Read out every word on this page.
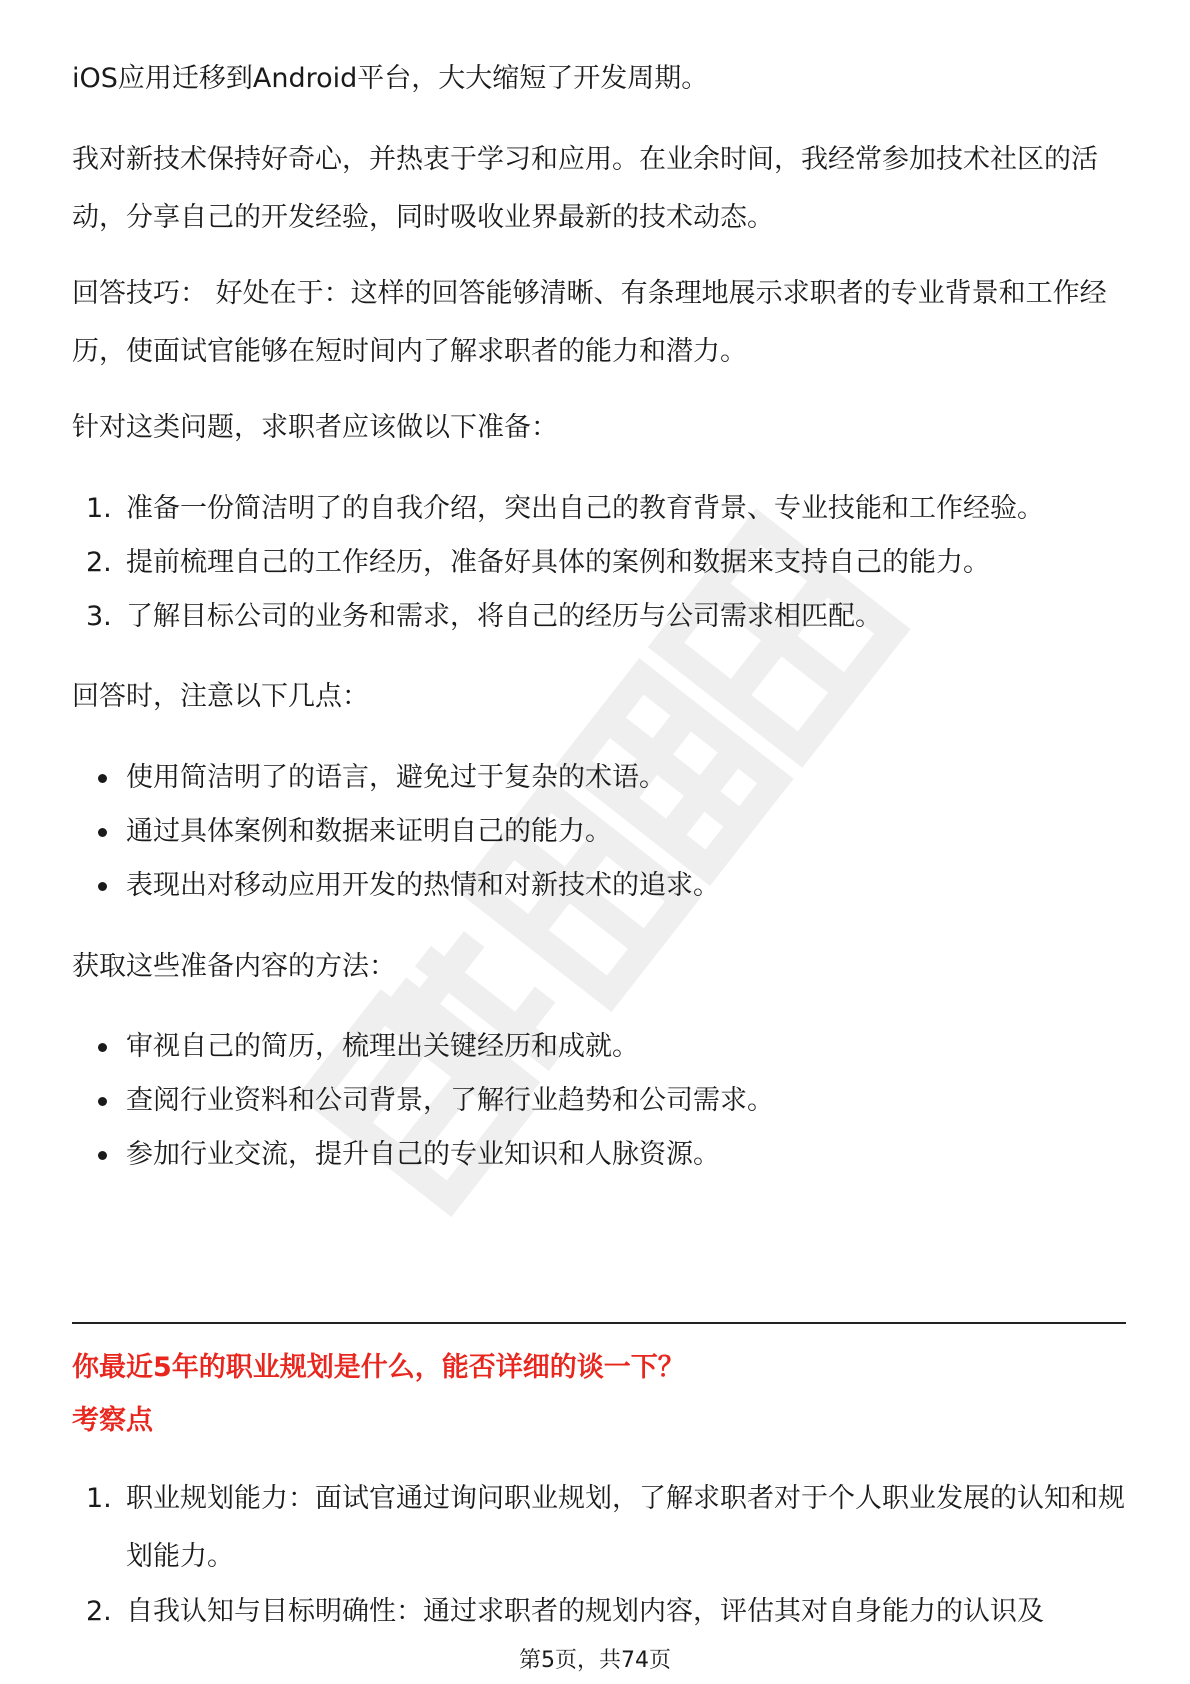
iOS应用迁移到Android平台，大大缩短了开发周期。

我对新技术保持好奇心，并热衷于学习和应用。在业余时间，我经常参加技术社区的活动，分享自己的开发经验，同时吸收业界最新的技术动态。

回答技巧： 好处在于：这样的回答能够清晰、有条理地展示求职者的专业背景和工作经历，使面试官能够在短时间内了解求职者的能力和潜力。

针对这类问题，求职者应该做以下准备：

1. 准备一份简洁明了的自我介绍，突出自己的教育背景、专业技能和工作经验。
2. 提前梳理自己的工作经历，准备好具体的案例和数据来支持自己的能力。
3. 了解目标公司的业务和需求，将自己的经历与公司需求相匹配。

回答时，注意以下几点：

使用简洁明了的语言，避免过于复杂的术语。
通过具体案例和数据来证明自己的能力。
表现出对移动应用开发的热情和对新技术的追求。

获取这些准备内容的方法：

审视自己的简历，梳理出关键经历和成就。
查阅行业资料和公司背景，了解行业趋势和公司需求。
参加行业交流，提升自己的专业知识和人脉资源。
你最近5年的职业规划是什么，能否详细的谈一下？
考察点
1. 职业规划能力：面试官通过询问职业规划，了解求职者对于个人职业发展的认知和规划能力。
2. 自我认知与目标明确性：通过求职者的规划内容，评估其对自身能力的认识及
第5页，共74页
